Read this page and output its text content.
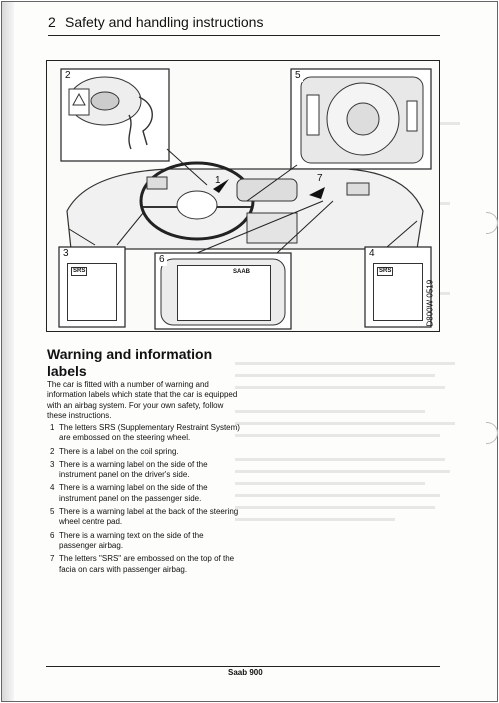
2 Safety and handling instructions
2	5
3
6
4
1	7
SRS	SRS
SAAB
D800W 0519
Warning and information labels

The car is fitted with a number of warning and information labels which state that the car is equipped with an airbag system. For your own safety, follow these instructions.

1 The letters SRS (Supplementary Restraint System) are embossed on the steering wheel.
2 There is a label on the coil spring.
3 There is a warning label on the side of the instrument panel on the driver's side.
4 There is a warning label on the side of the instrument panel on the passenger side.
5 There is a warning label at the back of the steering wheel centre pad.
6 There is a warning text on the side of the passenger airbag.
7 The letters "SRS" are embossed on the top of the facia on cars with passenger airbag.
Saab 900
